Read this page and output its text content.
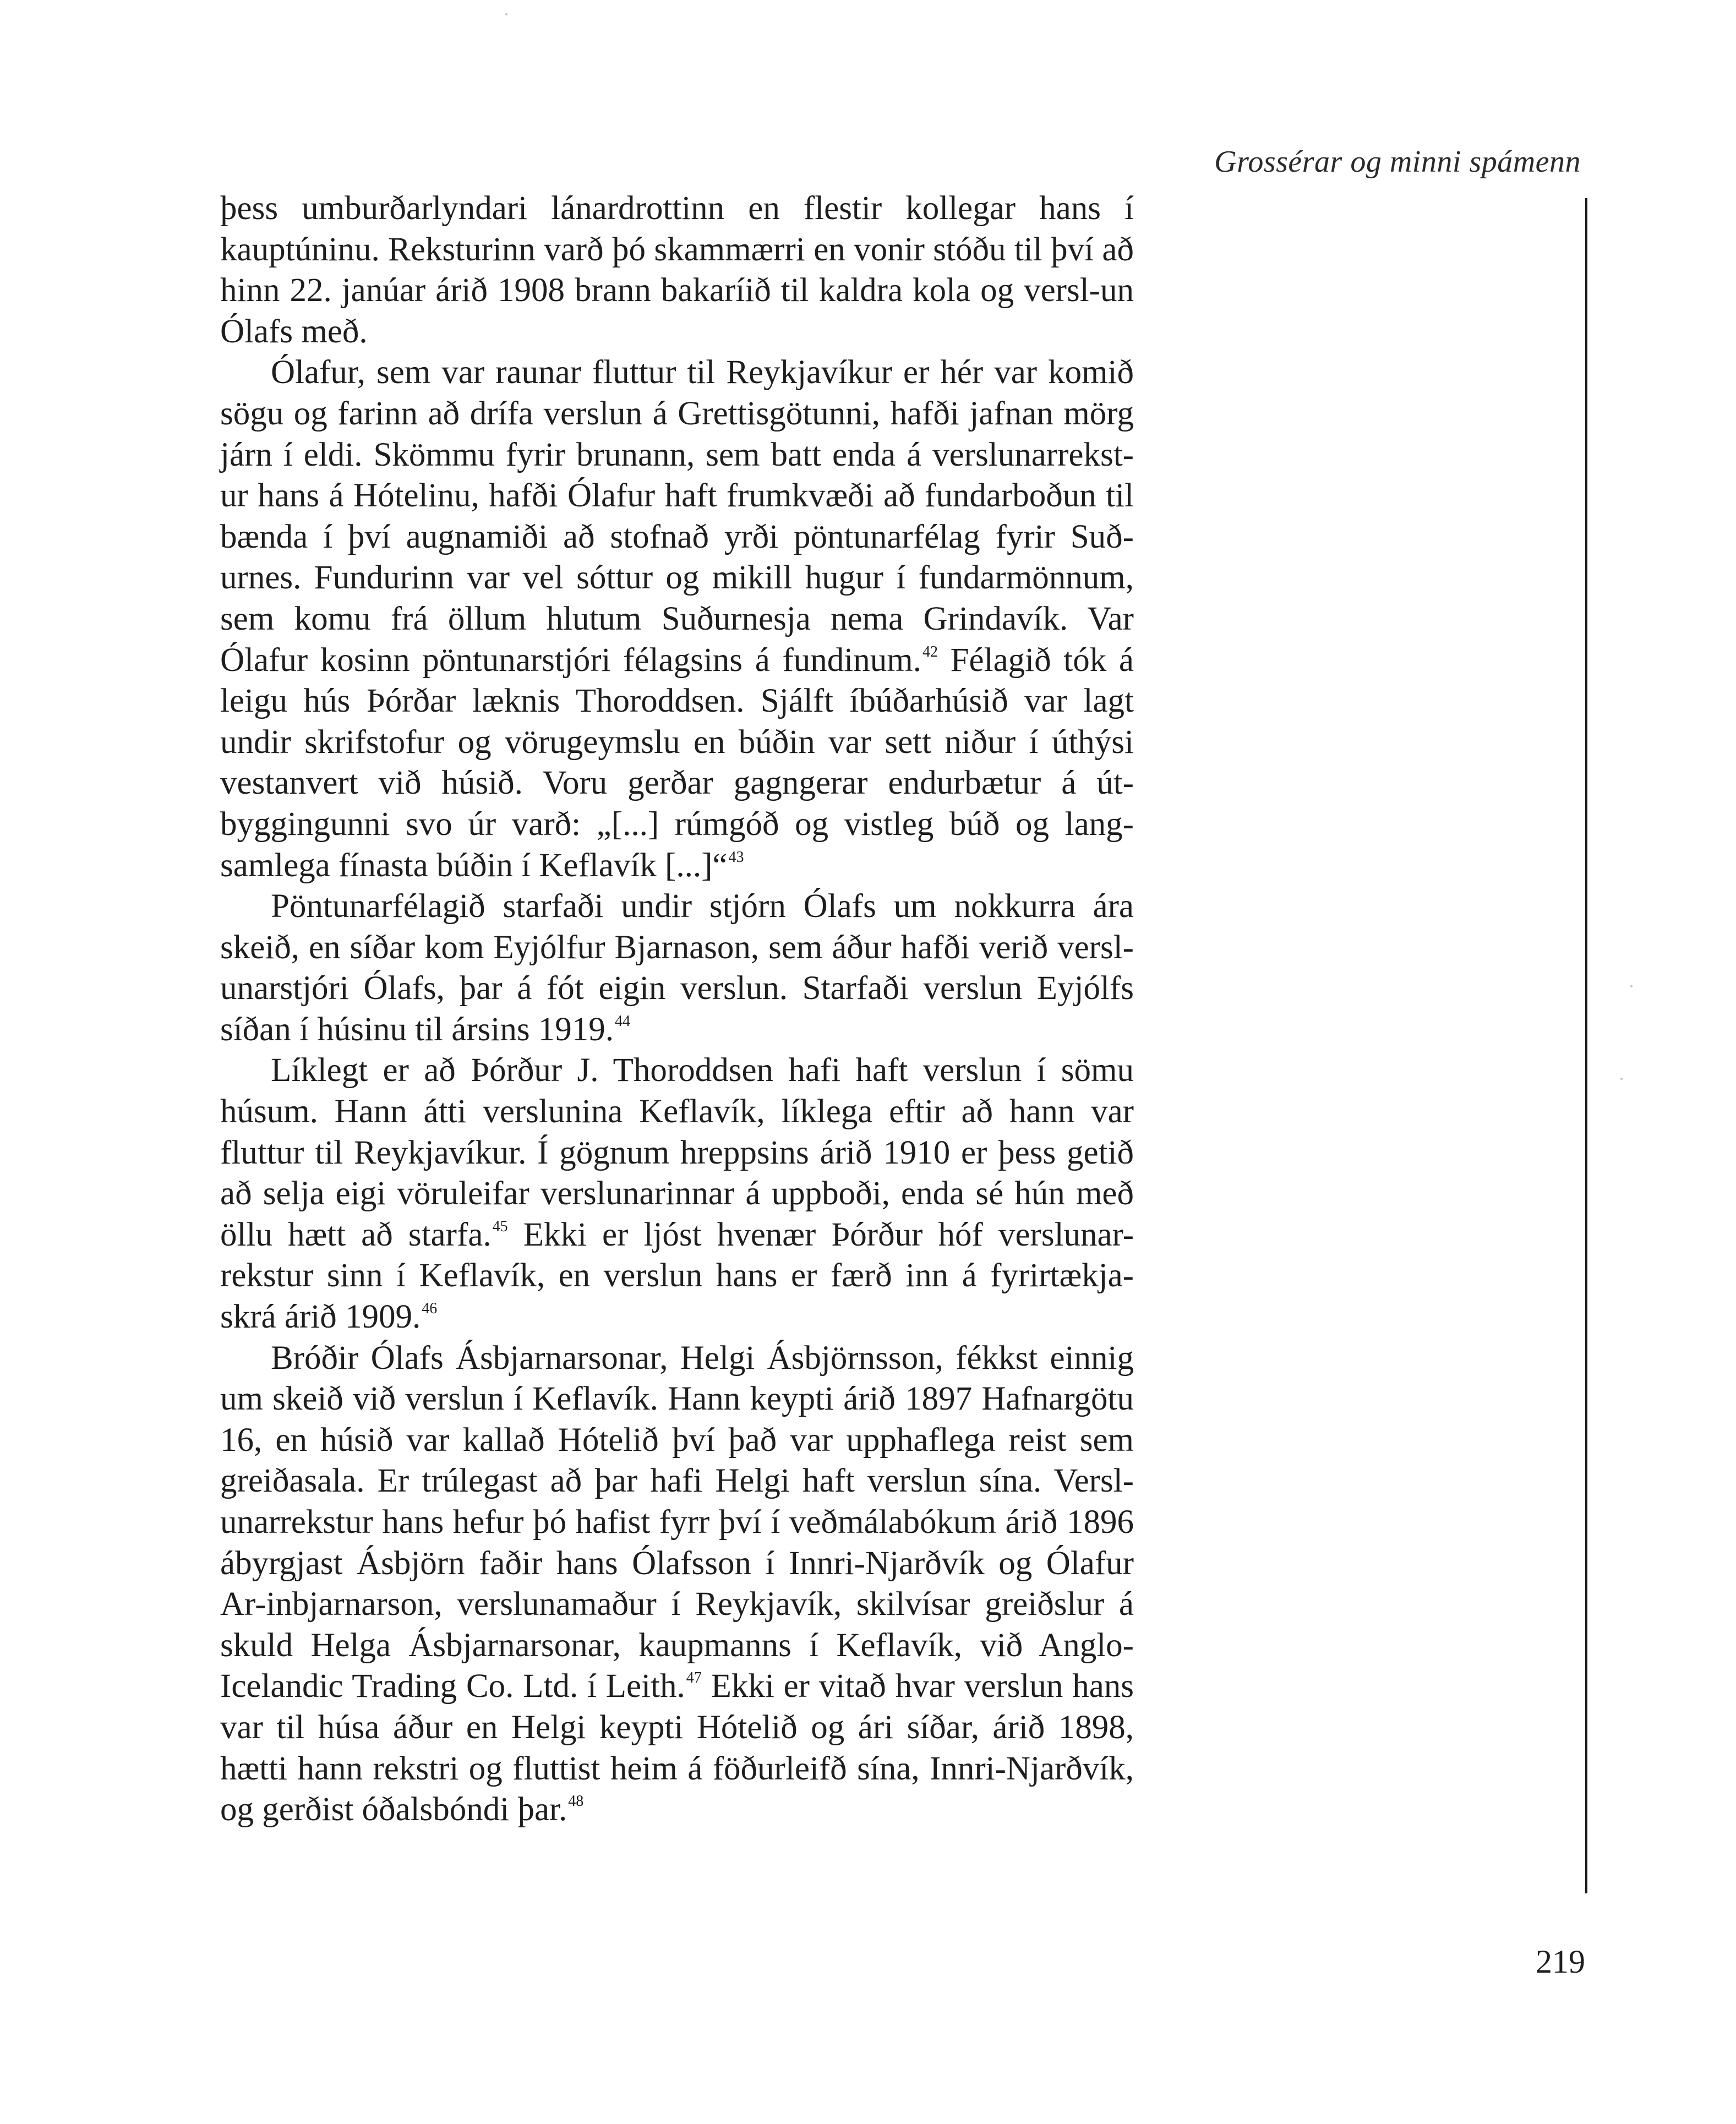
Grossérar og minni spámenn

þess umburðarlyndari lánardrottinn en flestir kollegar hans í kauptúninu. Reksturinn varð þó skammærri en vonir stóðu til því að hinn 22. janúar árið 1908 brann bakaríið til kaldra kola og versl-un Ólafs með.

Ólafur, sem var raunar fluttur til Reykjavíkur er hér var komið sögu og farinn að drífa verslun á Grettisgötunni, hafði jafnan mörg járn í eldi. Skömmu fyrir brunann, sem batt enda á verslunarrekst-ur hans á Hótelinu, hafði Ólafur haft frumkvæði að fundarboðun til bænda í því augnamiði að stofnað yrði pöntunarfélag fyrir Suð-urnes. Fundurinn var vel sóttur og mikill hugur í fundarmönnum, sem komu frá öllum hlutum Suðurnesja nema Grindavík. Var Ólafur kosinn pöntunarstjóri félagsins á fundinum.$^{42}$ Félagið tók á leigu hús Þórðar læknis Thoroddsen. Sjálft íbúðarhúsið var lagt undir skrifstofur og vörugeymslu en búðin var sett niður í úthýsi vestanvert við húsið. Voru gerðar gagngerar endurbætur á út-byggingunni svo úr varð: „[...] rúmgóð og vistleg búð og lang-samlega fínasta búðin í Keflavík [...]“$^{43}$

Pöntunarfélagið starfaði undir stjórn Ólafs um nokkurra ára skeið, en síðar kom Eyjólfur Bjarnason, sem áður hafði verið versl-unarstjóri Ólafs, þar á fót eigin verslun. Starfaði verslun Eyjólfs síðan í húsinu til ársins 1919.44

Líklegt er að Þórður J. Thoroddsen hafi haft verslun í sömu húsum. Hann átti verslunina Keflavík, líklega eftir að hann var fluttur til Reykjavíkur. Í gögnum hreppsins árið 1910 er þess getið að selja eigi vöruleifar verslunarinnar á uppboði, enda sé hún með öllu hætt að starfa.$^{45}$ Ekki er ljóst hvenær Þórður hóf verslunar-rekstur sinn í Keflavík, en verslun hans er færð inn á fyrirtækja-skrá árið 1909.46

Bróðir Ólafs Ásbjarnarsonar, Helgi Ásbjörnsson, fékkst einnig um skeið við verslun í Keflavík. Hann keypti árið 1897 Hafnargötu 16, en húsið var kallað Hótelið því það var upphaflega reist sem greiðasala. Er trúlegast að þar hafi Helgi haft verslun sína. Versl-unarrekstur hans hefur þó hafist fyrr því í veðmálabókum árið 1896 ábyrgjast Ásbjörn faðir hans Ólafsson í Innri-Njarðvík og Ólafur Ar-inbjarnarson, verslunamaður í Reykjavík, skilvísar greiðslur á skuld Helga Ásbjarnarsonar, kaupmanns í Keflavík, við Anglo-Icelandic Trading Co. Ltd. í Leith.$^{47}$ Ekki er vitað hvar verslun hans var til húsa áður en Helgi keypti Hótelið og ári síðar, árið 1898, hætti hann rekstri og fluttist heim á föðurleifð sína, Innri-Njarðvík, og gerðist óðalsbóndi þar.$^{48}$

219
